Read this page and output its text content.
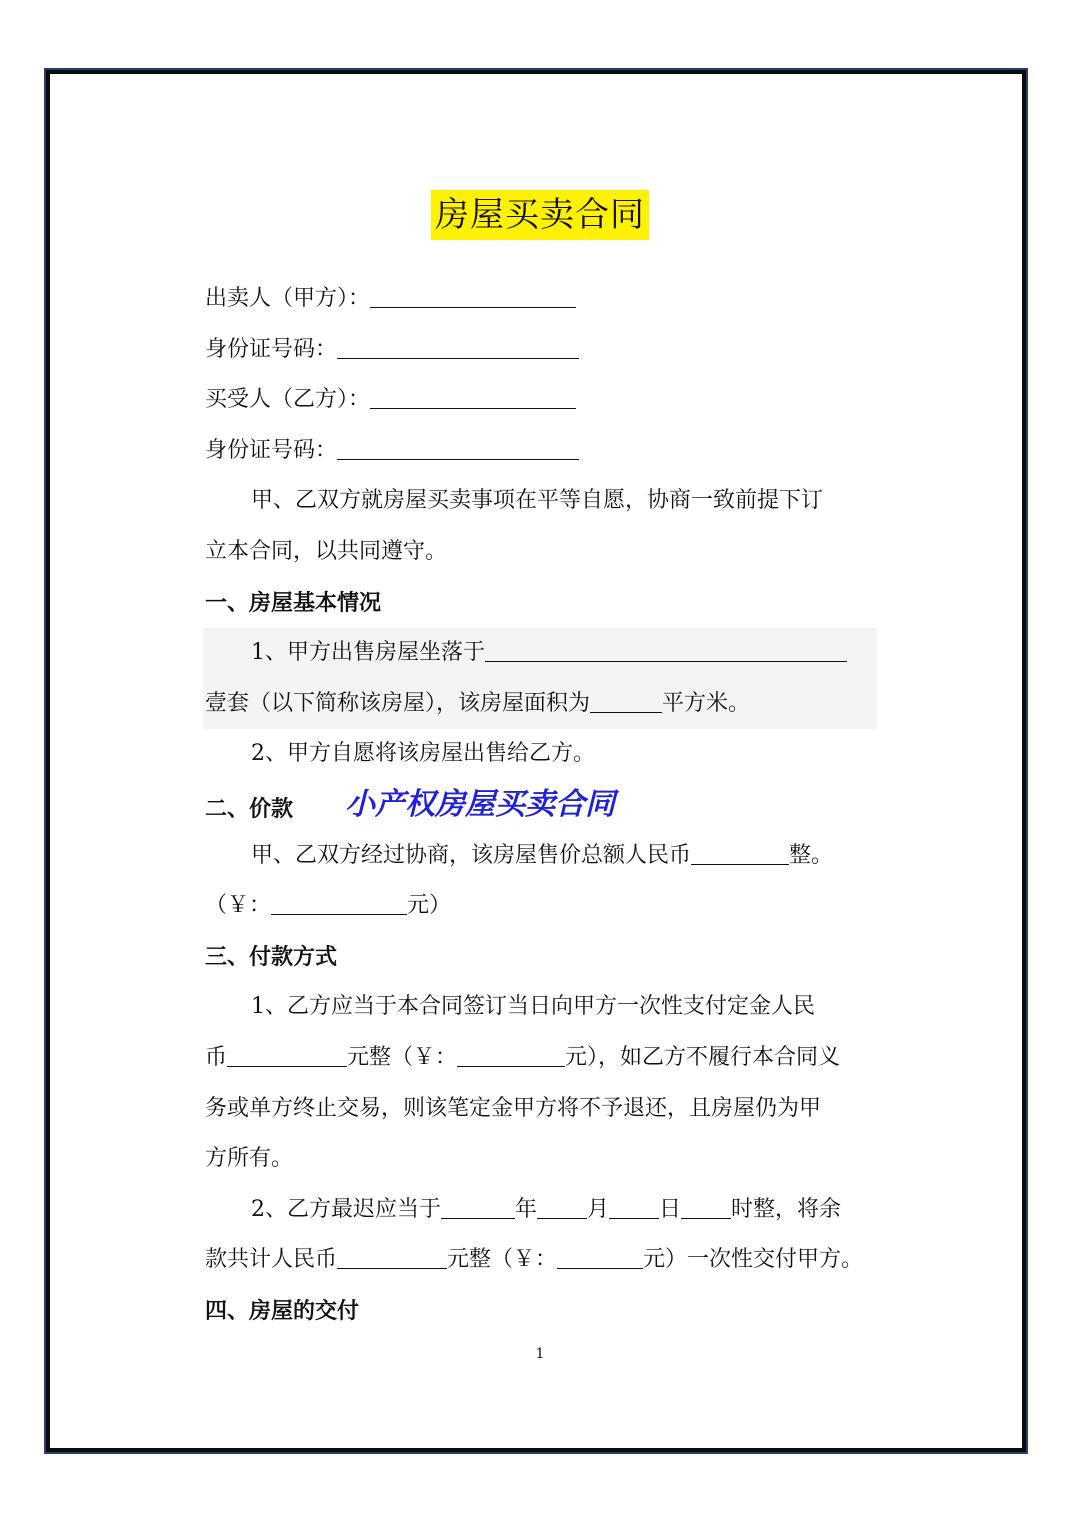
房屋买卖合同
出卖人（甲方）：
身份证号码：
买受人（乙方）：
身份证号码：
甲、乙双方就房屋买卖事项在平等自愿，协商一致前提下订
立本合同，以共同遵守。
一、房屋基本情况
1、甲方出售房屋坐落于
壹套（以下简称该房屋），该房屋面积为	平方米。
2、甲方自愿将该房屋出售给乙方。
二、价款 小产权房屋买卖合同
甲、乙双方经过协商，该房屋售价总额人民币	整。
（￥：	元）
三、付款方式
1、乙方应当于本合同签订当日向甲方一次性支付定金人民
币	元整（￥：	元），如乙方不履行本合同义
务或单方终止交易，则该笔定金甲方将不予退还，且房屋仍为甲
方所有。
2、乙方最迟应当于	年 月 日 时整，将余
款共计人民币	元整（￥：	元）一次性交付甲方。
四、房屋的交付
1
